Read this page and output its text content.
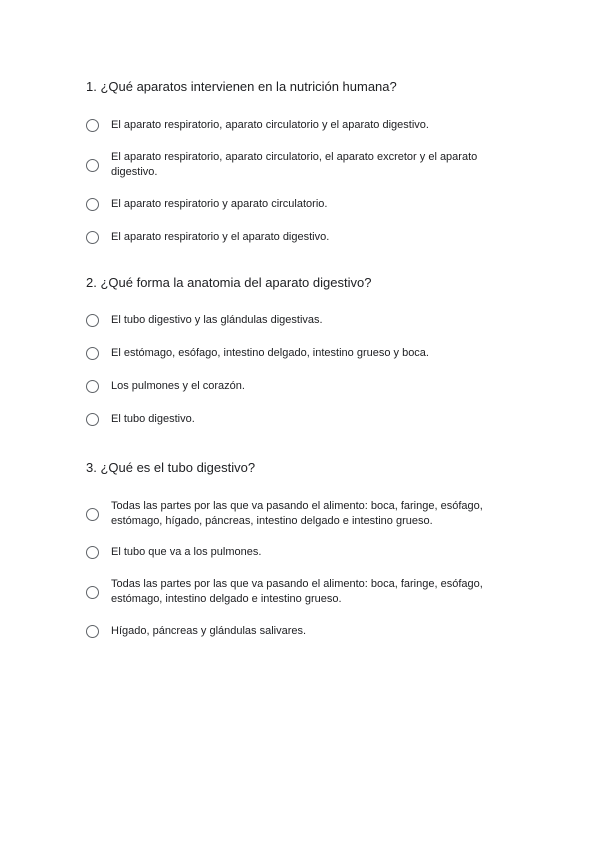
1. ¿Qué aparatos intervienen en la nutrición humana?

El aparato respiratorio, aparato circulatorio y el aparato digestivo.
El aparato respiratorio, aparato circulatorio, el aparato excretor y el aparato digestivo.
El aparato respiratorio y aparato circulatorio.
El aparato respiratorio y el aparato digestivo.

2. ¿Qué forma la anatomia del aparato digestivo?

El tubo digestivo y las glándulas digestivas.
El estómago, esófago, intestino delgado, intestino grueso y boca.
Los pulmones y el corazón.
El tubo digestivo.

3. ¿Qué es el tubo digestivo?

Todas las partes por las que va pasando el alimento: boca, faringe, esófago, estómago, hígado, páncreas, intestino delgado e intestino grueso.
El tubo que va a los pulmones.
Todas las partes por las que va pasando el alimento: boca, faringe, esófago, estómago, intestino delgado e intestino grueso.
Hígado, páncreas y glándulas salivares.
